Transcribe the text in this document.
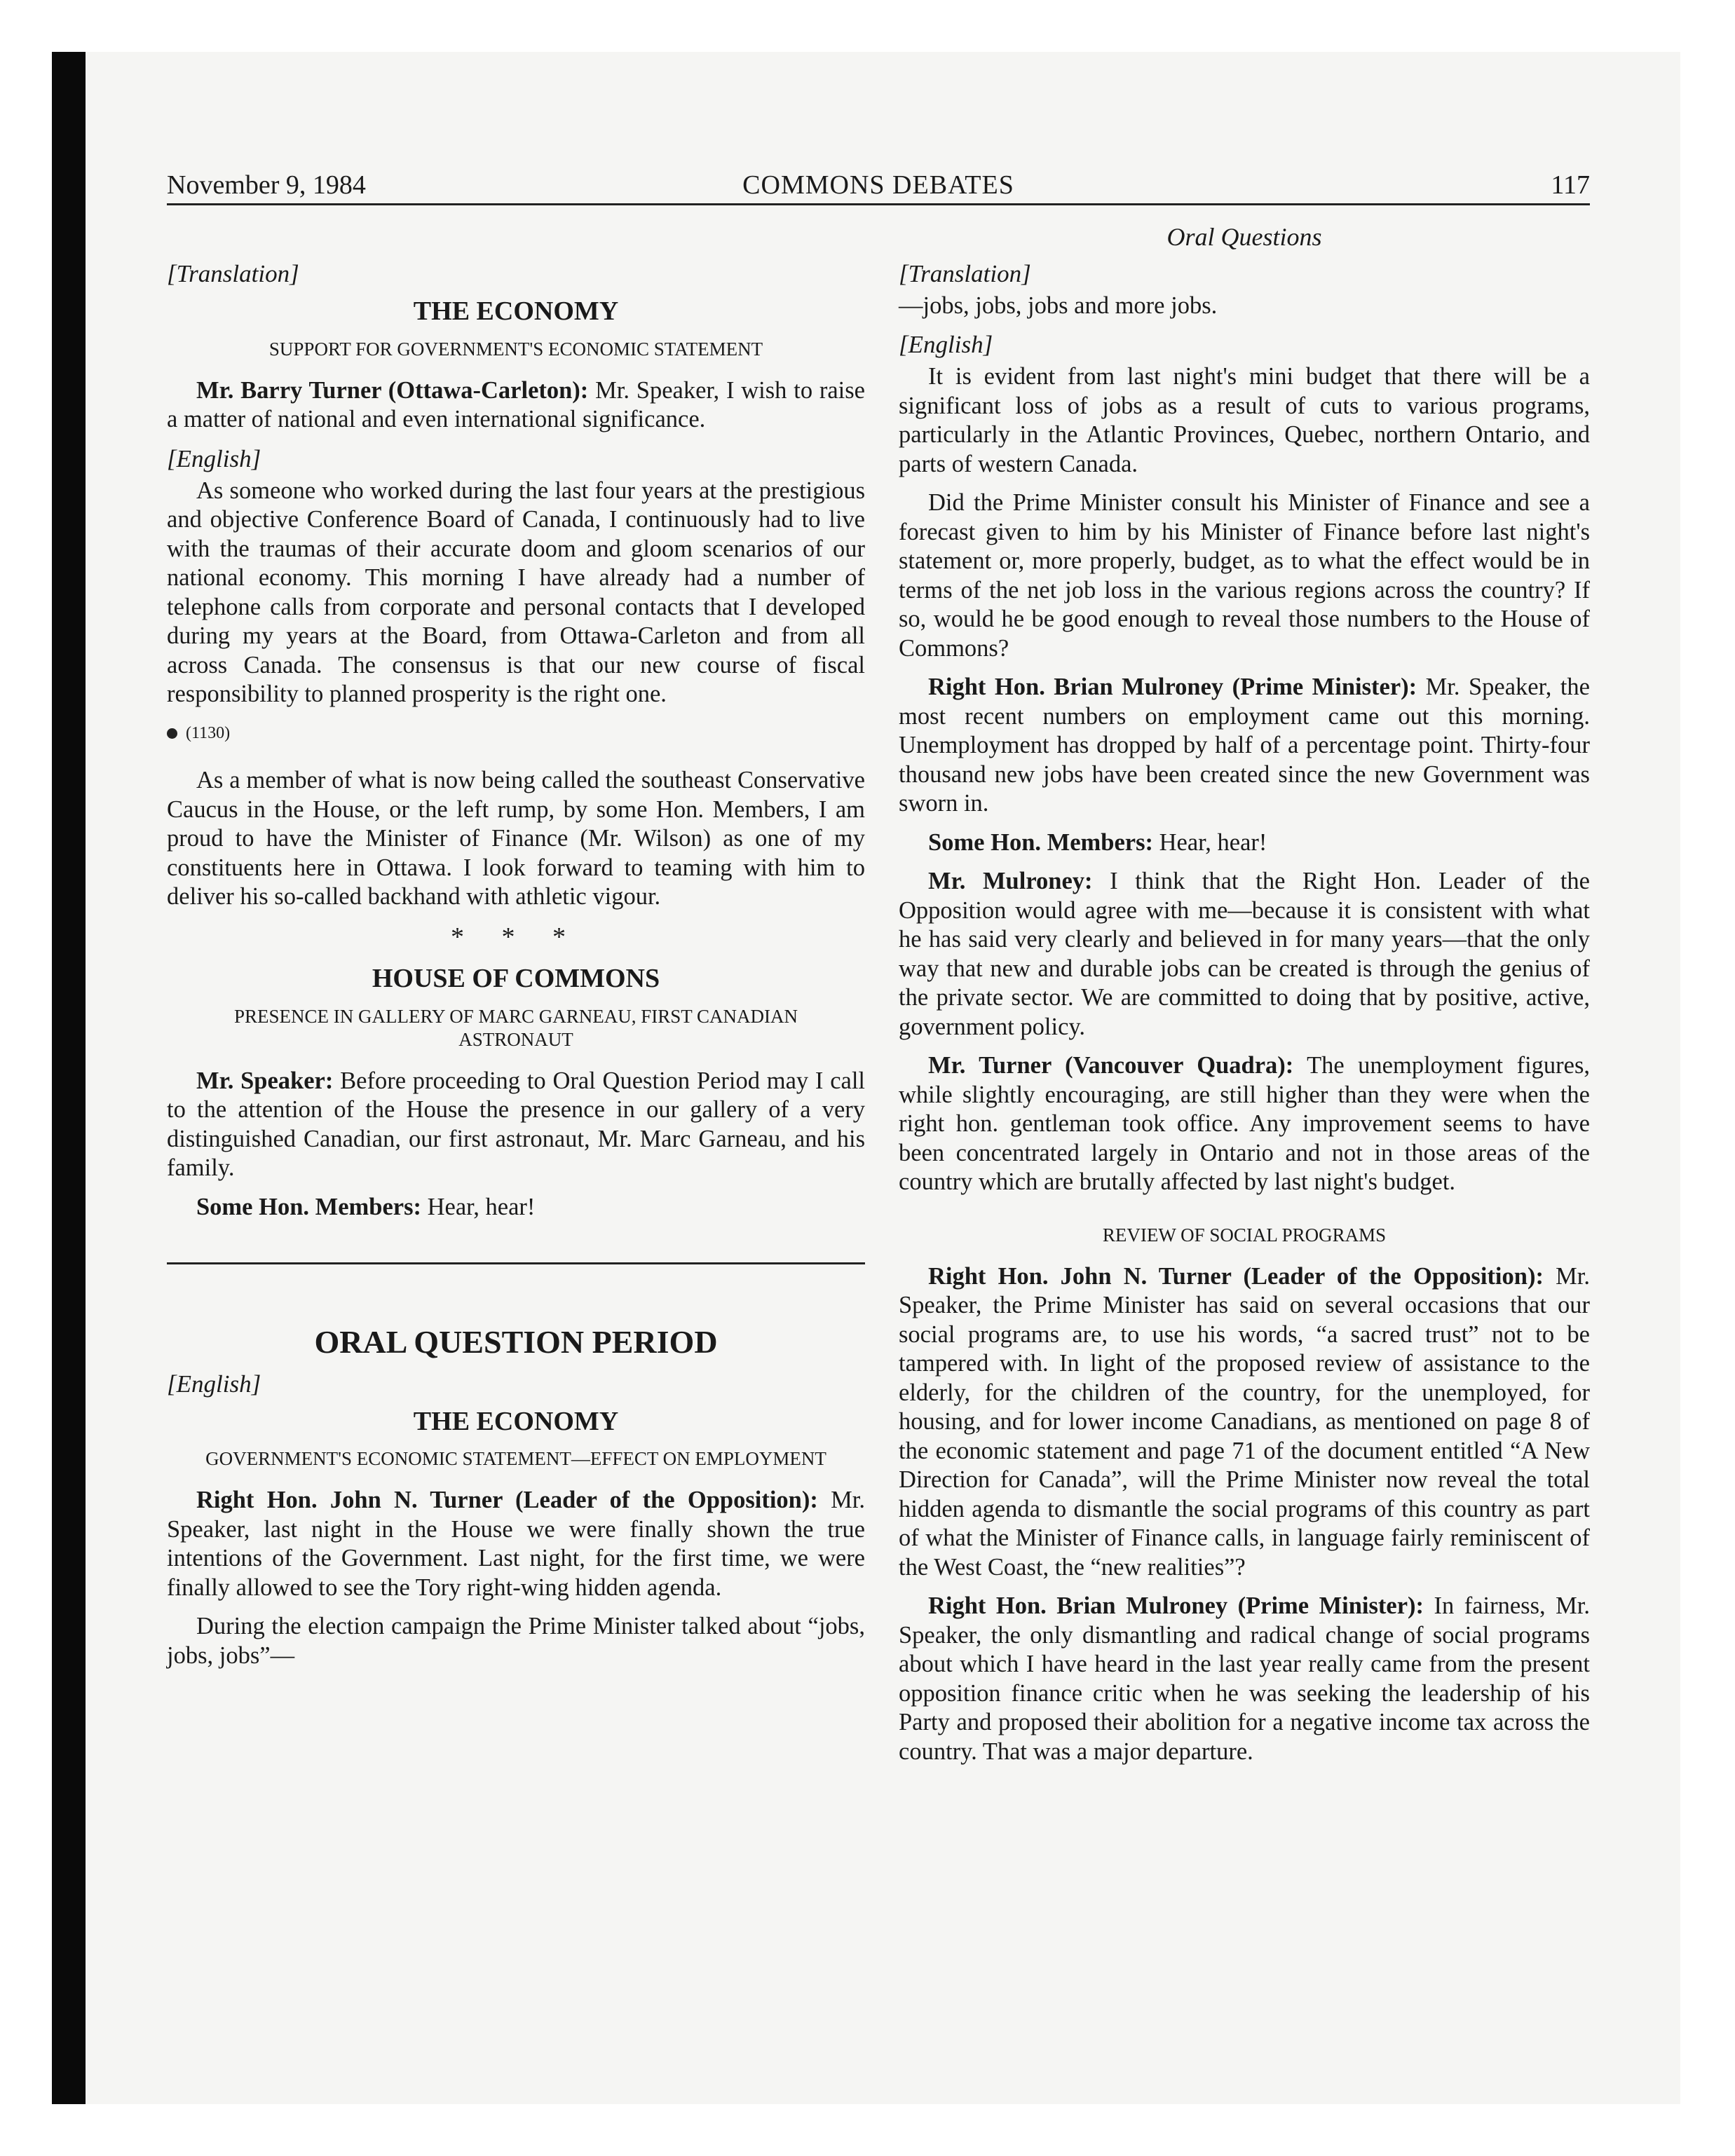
November 9, 1984	COMMONS DEBATES	117
[Translation]
THE ECONOMY
SUPPORT FOR GOVERNMENT'S ECONOMIC STATEMENT

Mr. Barry Turner (Ottawa-Carleton): Mr. Speaker, I wish to raise a matter of national and even international significance.

[English]

As someone who worked during the last four years at the prestigious and objective Conference Board of Canada, I continuously had to live with the traumas of their accurate doom and gloom scenarios of our national economy. This morning I have already had a number of telephone calls from corporate and personal contacts that I developed during my years at the Board, from Ottawa-Carleton and from all across Canada. The consensus is that our new course of fiscal responsibility to planned prosperity is the right one.

(1130)

As a member of what is now being called the southeast Conservative Caucus in the House, or the left rump, by some Hon. Members, I am proud to have the Minister of Finance (Mr. Wilson) as one of my constituents here in Ottawa. I look forward to teaming with him to deliver his so-called backhand with athletic vigour.

* * *
HOUSE OF COMMONS
PRESENCE IN GALLERY OF MARC GARNEAU, FIRST CANADIAN ASTRONAUT

Mr. Speaker: Before proceeding to Oral Question Period may I call to the attention of the House the presence in our gallery of a very distinguished Canadian, our first astronaut, Mr. Marc Garneau, and his family.

Some Hon. Members: Hear, hear!

ORAL QUESTION PERIOD
[English]
THE ECONOMY
GOVERNMENT'S ECONOMIC STATEMENT—EFFECT ON EMPLOYMENT

Right Hon. John N. Turner (Leader of the Opposition): Mr. Speaker, last night in the House we were finally shown the true intentions of the Government. Last night, for the first time, we were finally allowed to see the Tory right-wing hidden agenda.

During the election campaign the Prime Minister talked about “jobs, jobs, jobs”—

Oral Questions
[Translation]

—jobs, jobs, jobs and more jobs.

[English]

It is evident from last night's mini budget that there will be a significant loss of jobs as a result of cuts to various programs, particularly in the Atlantic Provinces, Quebec, northern Ontario, and parts of western Canada.

Did the Prime Minister consult his Minister of Finance and see a forecast given to him by his Minister of Finance before last night's statement or, more properly, budget, as to what the effect would be in terms of the net job loss in the various regions across the country? If so, would he be good enough to reveal those numbers to the House of Commons?

Right Hon. Brian Mulroney (Prime Minister): Mr. Speaker, the most recent numbers on employment came out this morning. Unemployment has dropped by half of a percentage point. Thirty-four thousand new jobs have been created since the new Government was sworn in.

Some Hon. Members: Hear, hear!

Mr. Mulroney: I think that the Right Hon. Leader of the Opposition would agree with me—because it is consistent with what he has said very clearly and believed in for many years—that the only way that new and durable jobs can be created is through the genius of the private sector. We are committed to doing that by positive, active, government policy.

Mr. Turner (Vancouver Quadra): The unemployment figures, while slightly encouraging, are still higher than they were when the right hon. gentleman took office. Any improvement seems to have been concentrated largely in Ontario and not in those areas of the country which are brutally affected by last night's budget.

REVIEW OF SOCIAL PROGRAMS

Right Hon. John N. Turner (Leader of the Opposition): Mr. Speaker, the Prime Minister has said on several occasions that our social programs are, to use his words, “a sacred trust” not to be tampered with. In light of the proposed review of assistance to the elderly, for the children of the country, for the unemployed, for housing, and for lower income Canadians, as mentioned on page 8 of the economic statement and page 71 of the document entitled “A New Direction for Canada”, will the Prime Minister now reveal the total hidden agenda to dismantle the social programs of this country as part of what the Minister of Finance calls, in language fairly reminiscent of the West Coast, the “new realities”?

Right Hon. Brian Mulroney (Prime Minister): In fairness, Mr. Speaker, the only dismantling and radical change of social programs about which I have heard in the last year really came from the present opposition finance critic when he was seeking the leadership of his Party and proposed their abolition for a negative income tax across the country. That was a major departure.
